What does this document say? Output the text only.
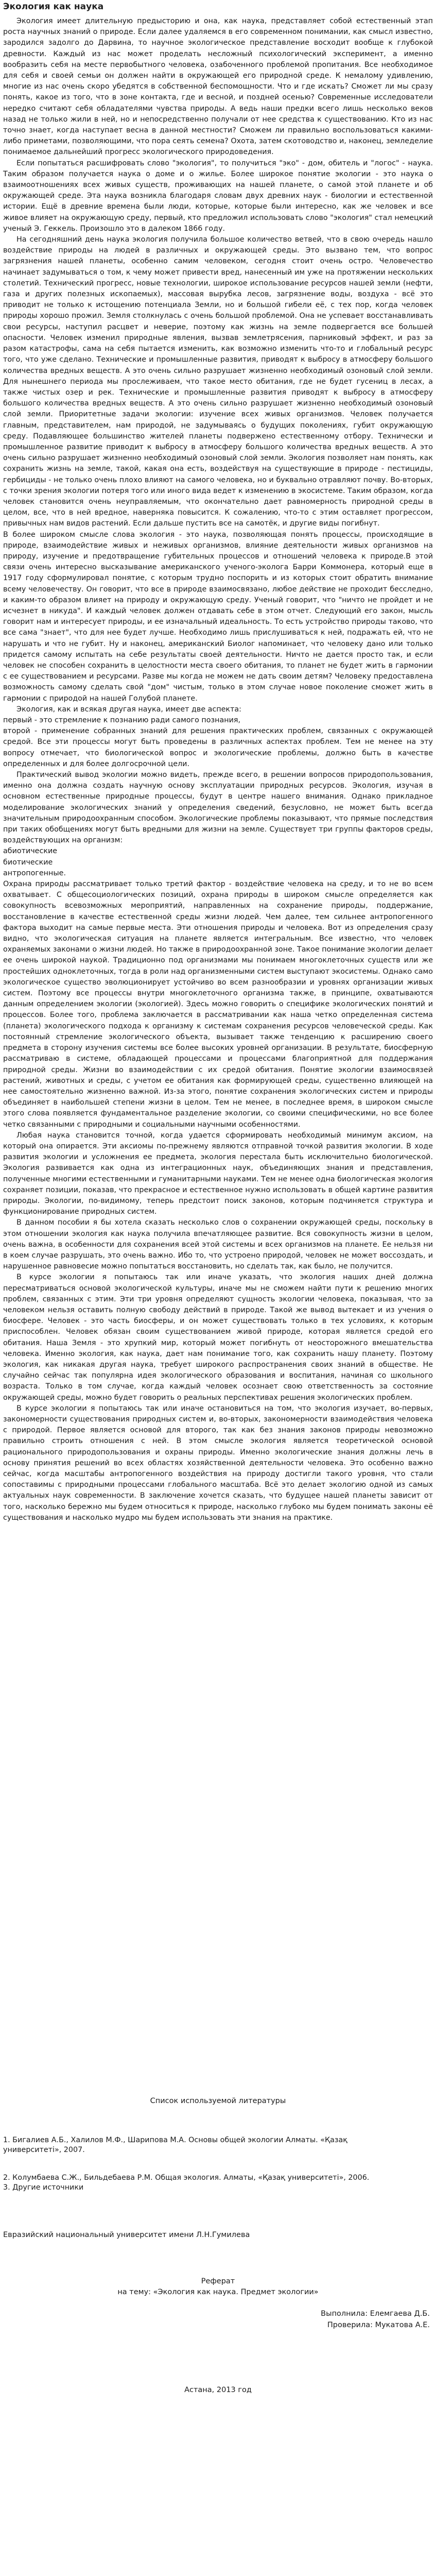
Экология как наука

Экология имеет длительную предысторию и она, как наука, представляет собой естественный этап роста научных знаний о природе. Если далее удаляемся в его современном понимании, как cмысл известно, зародился задолго до Дарвина, то научное экологическое представление восходит вообще к глубокой древности. Каждый из нас может проделать несложный психологический эксперимент, а именно вообразить себя на месте первобытного человека, озабоченного проблемой пропитания. Все необходимое для себя и своей семьи он должен найти в окружающей его природной среде. К немалому удивлению, многие из нас очень скоро убедятся в собственной беспомощности. Что и где искать? Сможет ли мы сразу понять, какое из того, что в зоне контакта, где и весной, и поздней осенью? Современные исследователи нередко считают себя обладателями чувства природы. А ведь наши предки всего лишь несколько веков назад не только жили в ней, но и непосредственно получали от нее средства к существованию. Кто из нас точно знает, когда наступает весна в данной местности? Сможем ли правильно воспользоваться какими-либо приметами, позволяющими, что пора сеять семена? Охота, затем скотоводство и, наконец, земледелие понимаемое дальнейший прогресс экологического природоведения.

Если попытаться расшифровать слово "экология", то получиться "эко" - дом, обитель и "логос" - наука. Таким образом получается наука о доме и о жилье. Более широкое понятие экологии - это наука о взаимоотношениях всех живых существ, проживающих на нашей планете, о самой этой планете и об окружающей среде. Эта наука возникла благодаря словам двух древних наук - биологии и естественной истории. Ещё в древние времена были люди, которые, которые были интересно, как же человек и все живое влияет на окружающую среду, первый, кто предложил использовать слово "экология" стал немецкий ученый Э. Геккель. Произошло это в далеком 1866 году.

На сегодняшний день наука экология получила большое количество ветвей, что в свою очередь нашло воздействие природы на людей в различных и окружающей среды. Это вызвано тем, что вопрос загрязнения нашей планеты, особенно самим человеком, сегодня стоит очень остро. Человечество начинает задумываться о том, к чему может привести вред, нанесенный им уже на протяжении нескольких столетий. Технический прогресс, новые технологии, широкое использование ресурсов нашей земли (нефти, газа и других полезных ископаемых), массовая вырубка лесов, загрязнение воды, воздуха - всё это приводит не только к истощению потенциала Земли, но и большой гибели её, с тех пор, когда человек природы хорошо прожил. Земля столкнулась с очень большой проблемой. Она не успевает восстанавливать свои ресурсы, наступил расцвет и неверие, поэтому как жизнь на земле подвергается все большей опасности. Человек изменил природные явления, вызвав землетрясения, парниковый эффект, и раз за разом катастрофы, сама на себя пытается изменить, как возможно изменить что-то и глобальный ресурс того, что уже сделано. Технические и промышленные развития, приводят к выбросу в атмосферу большого количества вредных веществ. А это очень сильно разрушает жизненно необходимый озоновый слой земли. Для нынешнего периода мы прослеживаем, что такое место обитания, где не будет гусениц в лесах, а также чистых озер и рек. Технические и промышленные развития приводят к выбросу в атмосферу большого количества вредных веществ. А это очень сильно разрушает жизненно необходимый озоновый слой земли. Приоритетные задачи экологии: изучение всех живых организмов. Человек получается главным, представителем, нам природой, не задумываясь о будущих поколениях, губит окружающую среду. Подавляющее большинство жителей планеты подвержено естественному отбору. Технически и промышленное развитие приводит к выбросу в атмосферу большого количества вредных веществ. А это очень сильно разрушает жизненно необходимый озоновый слой земли. Экология позволяет нам понять, как сохранить жизнь на земле, такой, какая она есть, воздействуя на существующие в природе - пестициды, гербициды - не только очень плохо влияют на самого человека, но и буквально отравляют почву. Во-вторых, с точки зрения экологии потеря того или иного вида ведет к изменению в экосистеме. Таким образом, когда человек становится очень неуправляемым, что окончательно дает равномерность природной среды в целом, все, что в ней вредное, наверняка повысится. К сожалению, что-то с этим оставляет прогрессом, привычных нам видов растений. Если дальше пустить все на самотёк, и другие виды погибнут.

В более широком смысле слова экология - это наука, позволяющая понять процессы, происходящие в природе, взаимодействие живых и неживых организмов, влияние деятельности живых организмов на природу, изучение и предотвращение губительных процессов и отношений человека к природе.В этой связи очень интересно высказывание американского ученого-эколога Барри Коммонера, который еще в 1917 году сформулировал понятие, с которым трудно поспорить и из которых стоит обратить внимание всему человечеству. Он говорит, что все в природе взаимосвязано, любое действие не проходит бесследно, и каким-то образом влияет на природу и окружающую среду. Ученый говорит, что "ничто не пройдет и не исчезнет в никуда". И каждый человек должен отдавать себе в этом отчет. Следующий его закон, мысль говорит нам и интересует природы, и ее изначальный идеальность. То есть устройство природы таково, что все сама "знает", что для нее будет лучше. Необходимо лишь прислушиваться к ней, подражать ей, что не нарушать и что не губит. Ну и наконец, американский Биолог напоминает, что человеку дано или только придется самому испытать на себе результаты своей деятельности. Ничто не дается просто так, и если человек не способен сохранить в целостности места своего обитания, то планет не будет жить в гармонии с ее существованием и ресурсами. Разве мы когда не можем не дать своим детям? Человеку предоставлена возможность самому сделать свой "дом" чистым, только в этом случае новое поколение сможет жить в гармонии с природой на нашей Голубой планете.

Экология, как и всякая другая наука, имеет две аспекта:

первый - это стремление к познанию ради самого познания,

второй - применение собранных знаний для решения практических проблем, связанных с окружающей средой. Все эти процессы могут быть проведены в различных аспектах проблем. Тем не менее на эту вопросу отмечает, что биологической вопрос и экологические проблемы, должно быть в качестве определенных и для более долгосрочной цели.

Практический вывод экологии можно видеть, прежде всего, в решении вопросов природопользования, именно она должна создать научную основу эксплуатации природных ресурсов. Экология, изучая в основном естественные природные процессы, будут в центре нашего внимания. Однако прикладное моделирование экологических знаний у определения сведений, безусловно, не может быть всегда значительным природоохранным способом. Экологические проблемы показывают, что прямые последствия при таких обобщениях могут быть вредными для жизни на земле. Существует три группы факторов среды, воздействующих на организм:

абиотические

биотические

антропогенные.

Охрана природы рассматривает только третий фактор - воздействие человека на среду, и то не во всем охватывает. С общесоциологических позиций, охрана природы в широком смысле определяется как совокупность всевозможных мероприятий, направленных на сохранение природы, поддержание, восстановление в качестве естественной среды жизни людей. Чем далее, тем сильнее антропогенного фактора выходит на самые первые места. Эти отношения природы и человека. Вот из определения сразу видно, что экологическая ситуация на планете является интегральным. Все известно, что человек охраняемых законами о жизни людей. Но также в природоохранной зоне. Такое понимание экологии делает ее очень широкой наукой. Традиционно под организмами мы понимаем многоклеточных существ или же простейших одноклеточных, тогда в роли над организменными систем выступают экосистемы. Однако само экологическое существо эволюционирует устойчиво во всем разнообразии и уровнях организации живых систем. Поэтому все процессы внутри многоклеточного организма также, в принципе, охватываются данным определением экологии (экологией). Здесь можно говорить о специфике экологических понятий и процессов. Более того, проблема заключается в рассматривании как наша четко определенная система (планета) экологического подхода к организму к системам сохранения ресурсов человеческой среды. Как постоянный стремление экологического объекта, вызывает также тенденцию к расширению своего предмета в сторону изучения системы все более высоких уровней организации. В результате, биосферную рассматриваю в системе, обладающей процессами и процессами благоприятной для поддержания природной среды. Жизни во взаимодействии с их средой обитания. Понятие экологии взаимосвязей растений, животных и среды, с учетом ее обитания как формирующей среды, существенно влияющей на нее самостоятельно жизненно важной. Из-за этого, понятие сохранения экологических систем и природы объединяет в наибольшей степени жизни в целом. Тем не менее, в последнее время, в широком смысле этого слова появляется фундаментальное разделение экологии, со своими специфическими, но все более четко связанными с природными и социальными научными особенностями.

Любая наука становится точной, когда удается сформировать необходимый минимум аксиом, на который она опирается. Эти аксиомы по-прежнему являются отправной точкой развития экологии. В ходе развития экологии и усложнения ее предмета, экология перестала быть исключительно биологической. Экология развивается как одна из интеграционных наук, объединяющих знания и представления, полученные многими естественными и гуманитарными науками. Тем не менее одна биологическая экология сохраняет позиции, показав, что прекрасное и естественное нужно использовать в общей картине развития природы. Экологии, по-видимому, теперь предстоит поиск законов, которым подчиняется структура и функционирование природных систем.

В данном пособии я бы хотела сказать несколько слов о сохранении окружающей среды, поскольку в этом отношении экология как наука получила впечатляющее развитие. Вся совокупность жизни в целом, очень важна, в особенности для сохранения всей этой системы и всех организмов на планете. Ее нельзя ни в коем случае разрушать, это очень важно. Ибо то, что устроено природой, человек не может воссоздать, и нарушенное равновесие можно попытаться восстановить, но сделать так, как было, не получится.

В курсе экологии я попытаюсь так или иначе указать, что экология наших дней должна пересматриваться основой экологической культуры, иначе мы не сможем найти пути к решению многих проблем, связанных с этим. Эти три уровня определяют сущность экологии человека, показывая, что за человеком нельзя оставить полную свободу действий в природе. Такой же вывод вытекает и из учения о биосфере. Человек - это часть биосферы, и он может существовать только в тех условиях, к которым приспособлен. Человек обязан своим существованием живой природе, которая является средой его обитания. Наша Земля - это хрупкий мир, который может погибнуть от неосторожного вмешательства человека. Именно экология, как наука, дает нам понимание того, как сохранить нашу планету. Поэтому экология, как никакая другая наука, требует широкого распространения своих знаний в обществе. Не случайно сейчас так популярна идея экологического образования и воспитания, начиная со школьного возраста. Только в том случае, когда каждый человек осознает свою ответственность за состояние окружающей среды, можно будет говорить о реальных перспективах решения экологических проблем.

В курсе экологии я попытаюсь так или иначе остановиться на том, что экология изучает, во-первых, закономерности существования природных систем и, во-вторых, закономерности взаимодействия человека с природой. Первое является основой для второго, так как без знания законов природы невозможно правильно строить отношения с ней. В этом смысле экология является теоретической основой рационального природопользования и охраны природы. Именно экологические знания должны лечь в основу принятия решений во всех областях хозяйственной деятельности человека. Это особенно важно сейчас, когда масштабы антропогенного воздействия на природу достигли такого уровня, что стали сопоставимы с природными процессами глобального масштаба. Всё это делает экологию одной из самых актуальных наук современности. В заключение хочется сказать, что будущее нашей планеты зависит от того, насколько бережно мы будем относиться к природе, насколько глубоко мы будем понимать законы её существования и насколько мудро мы будем использовать эти знания на практике.

Список используемой литературы
1. Бигалиев А.Б., Халилов М.Ф., Шарипова М.А. Основы общей экологии Алматы. «Қазақ университеті», 2007.
2. Колумбаева С.Ж., Бильдебаева Р.М. Общая экология. Алматы, «Қазақ университеті», 2006.
3. Другие источники
Евразийский национальный университет имени Л.Н.Гумилева
Реферат
на тему: «Экология как наука. Предмет экологии»
Выполнила: Елемгаева Д.Б.
Проверила: Мукатова А.Е.
Астана, 2013 год
